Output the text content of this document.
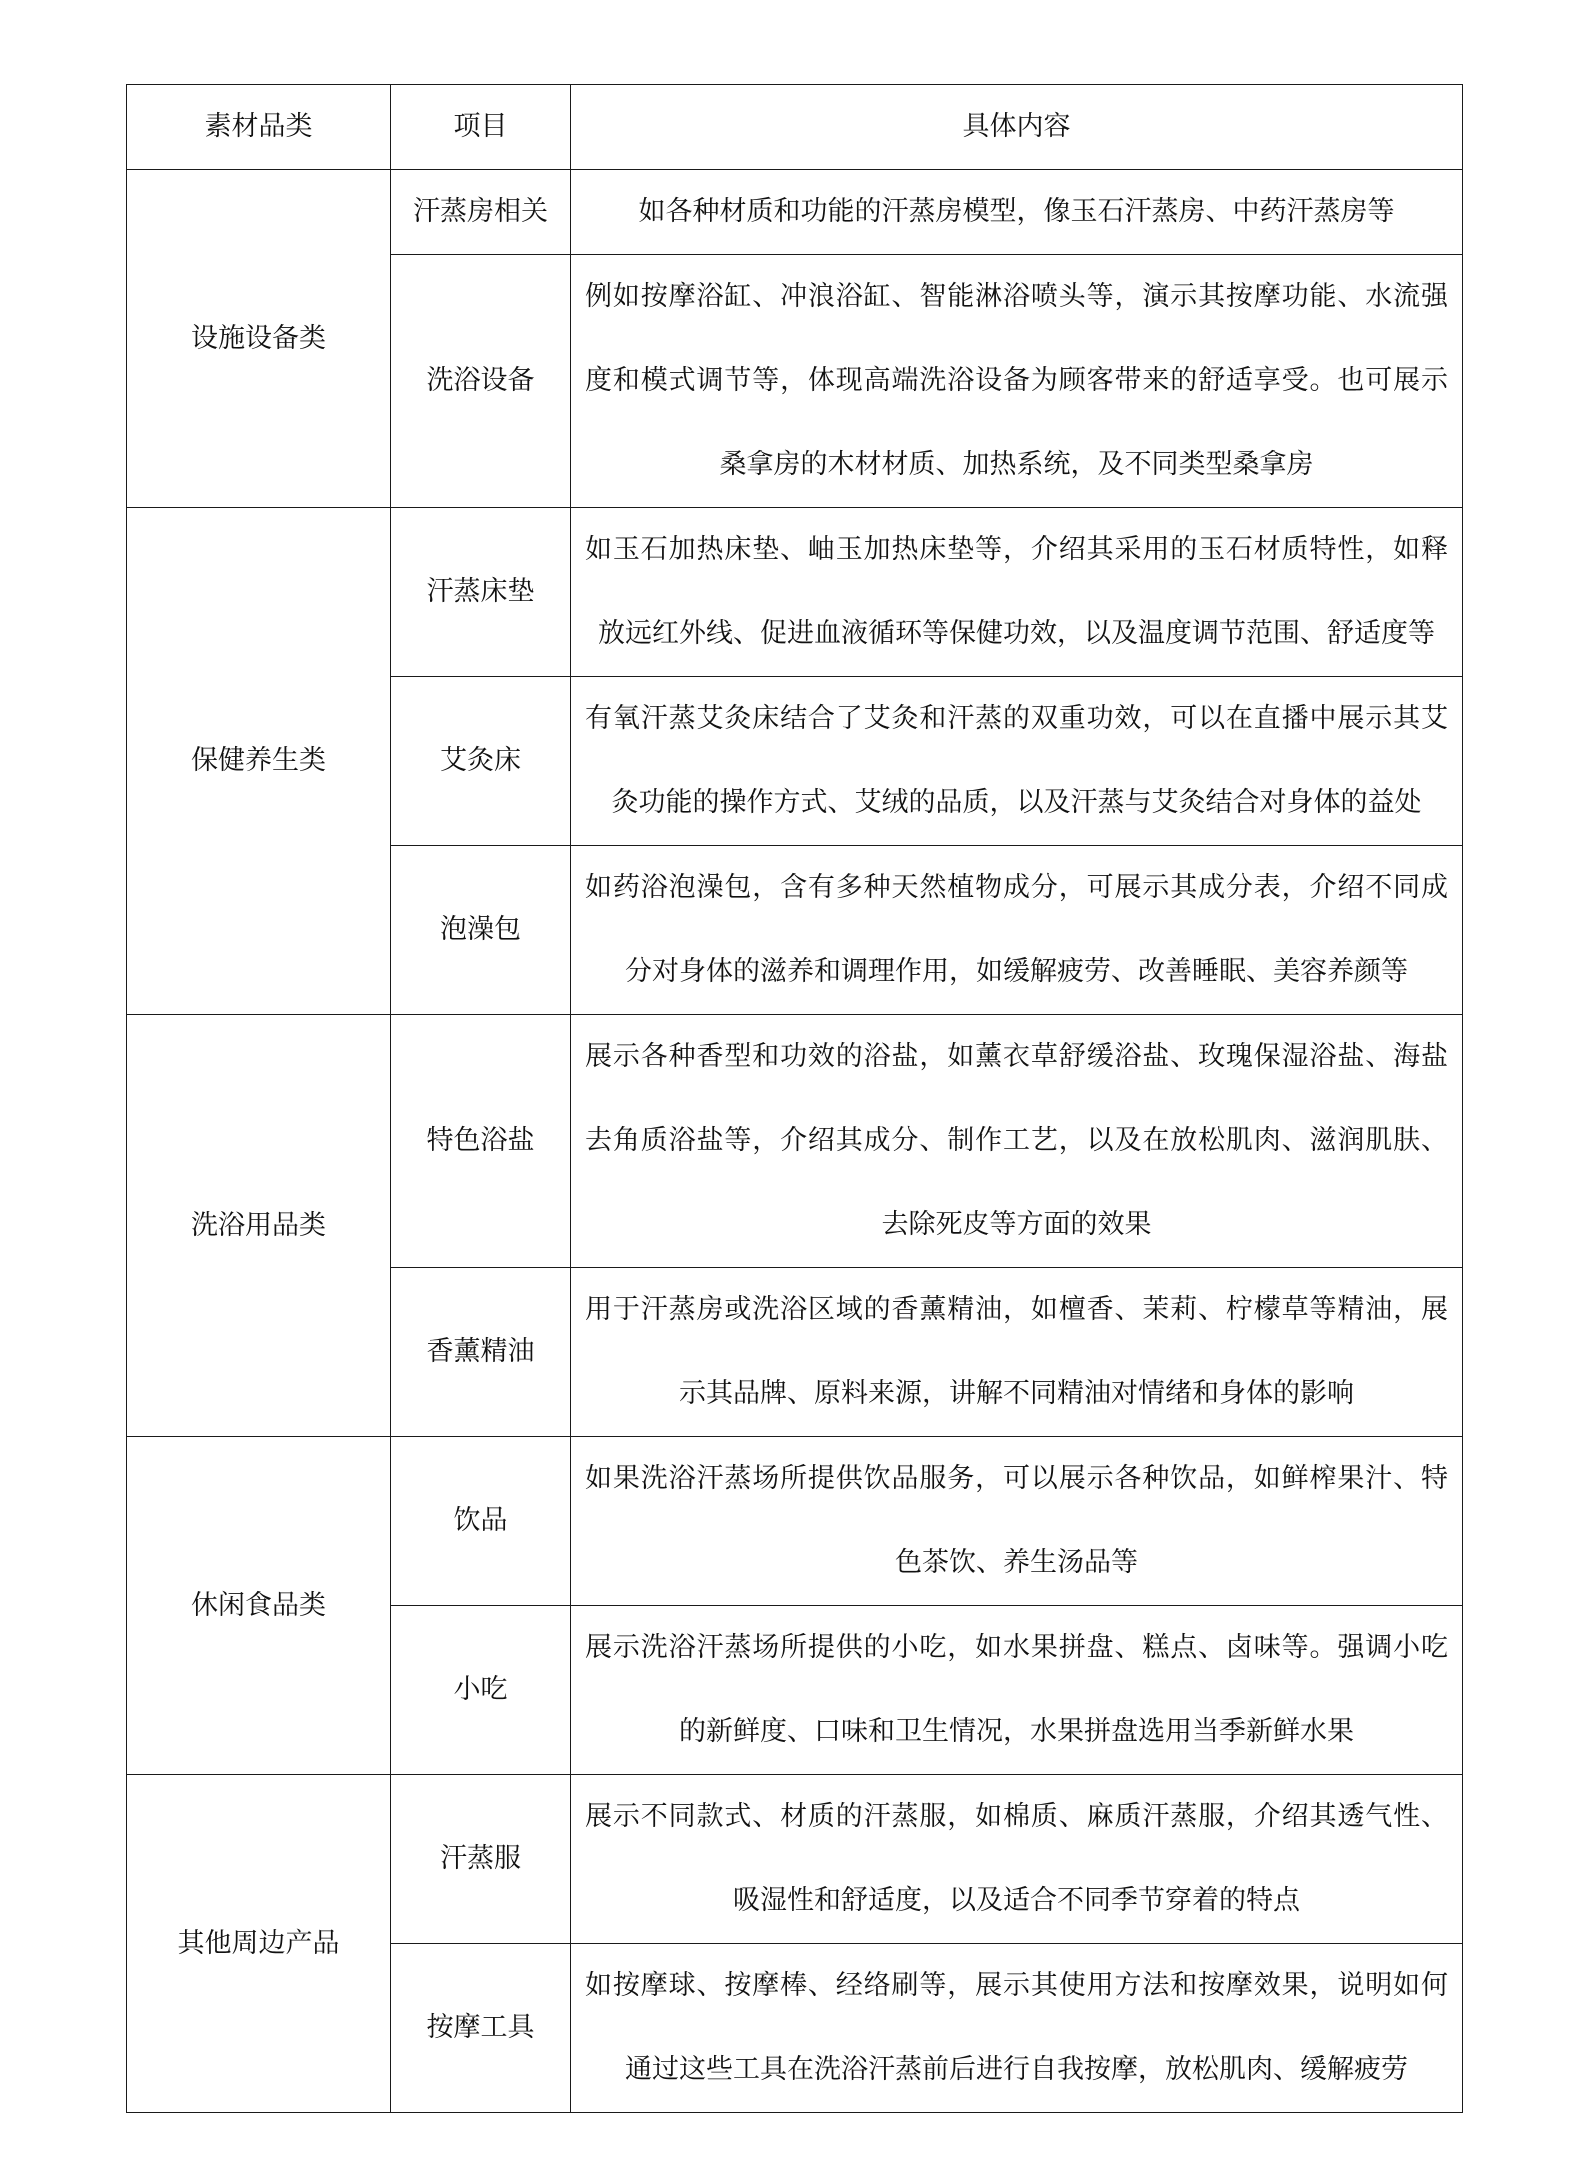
素材品类	项目	具体内容
设施设备类	汗蒸房相关	如各种材质和功能的汗蒸房模型，像玉石汗蒸房、中药汗蒸房等
	洗浴设备	例如按摩浴缸、冲浪浴缸、智能淋浴喷头等，演示其按摩功能、水流强度和模式调节等，体现高端洗浴设备为顾客带来的舒适享受。也可展示桑拿房的木材材质、加热系统，及不同类型桑拿房
保健养生类	汗蒸床垫	如玉石加热床垫、岫玉加热床垫等，介绍其采用的玉石材质特性，如释放远红外线、促进血液循环等保健功效，以及温度调节范围、舒适度等
	艾灸床	有氧汗蒸艾灸床结合了艾灸和汗蒸的双重功效，可以在直播中展示其艾灸功能的操作方式、艾绒的品质，以及汗蒸与艾灸结合对身体的益处
	泡澡包	如药浴泡澡包，含有多种天然植物成分，可展示其成分表，介绍不同成分对身体的滋养和调理作用，如缓解疲劳、改善睡眠、美容养颜等
洗浴用品类	特色浴盐	展示各种香型和功效的浴盐，如薰衣草舒缓浴盐、玫瑰保湿浴盐、海盐去角质浴盐等，介绍其成分、制作工艺，以及在放松肌肉、滋润肌肤、去除死皮等方面的效果
	香薰精油	用于汗蒸房或洗浴区域的香薰精油，如檀香、茉莉、柠檬草等精油，展示其品牌、原料来源，讲解不同精油对情绪和身体的影响
休闲食品类	饮品	如果洗浴汗蒸场所提供饮品服务，可以展示各种饮品，如鲜榨果汁、特色茶饮、养生汤品等
	小吃	展示洗浴汗蒸场所提供的小吃，如水果拼盘、糕点、卤味等。强调小吃的新鲜度、口味和卫生情况，水果拼盘选用当季新鲜水果
其他周边产品	汗蒸服	展示不同款式、材质的汗蒸服，如棉质、麻质汗蒸服，介绍其透气性、吸湿性和舒适度，以及适合不同季节穿着的特点
	按摩工具	如按摩球、按摩棒、经络刷等，展示其使用方法和按摩效果，说明如何通过这些工具在洗浴汗蒸前后进行自我按摩，放松肌肉、缓解疲劳
